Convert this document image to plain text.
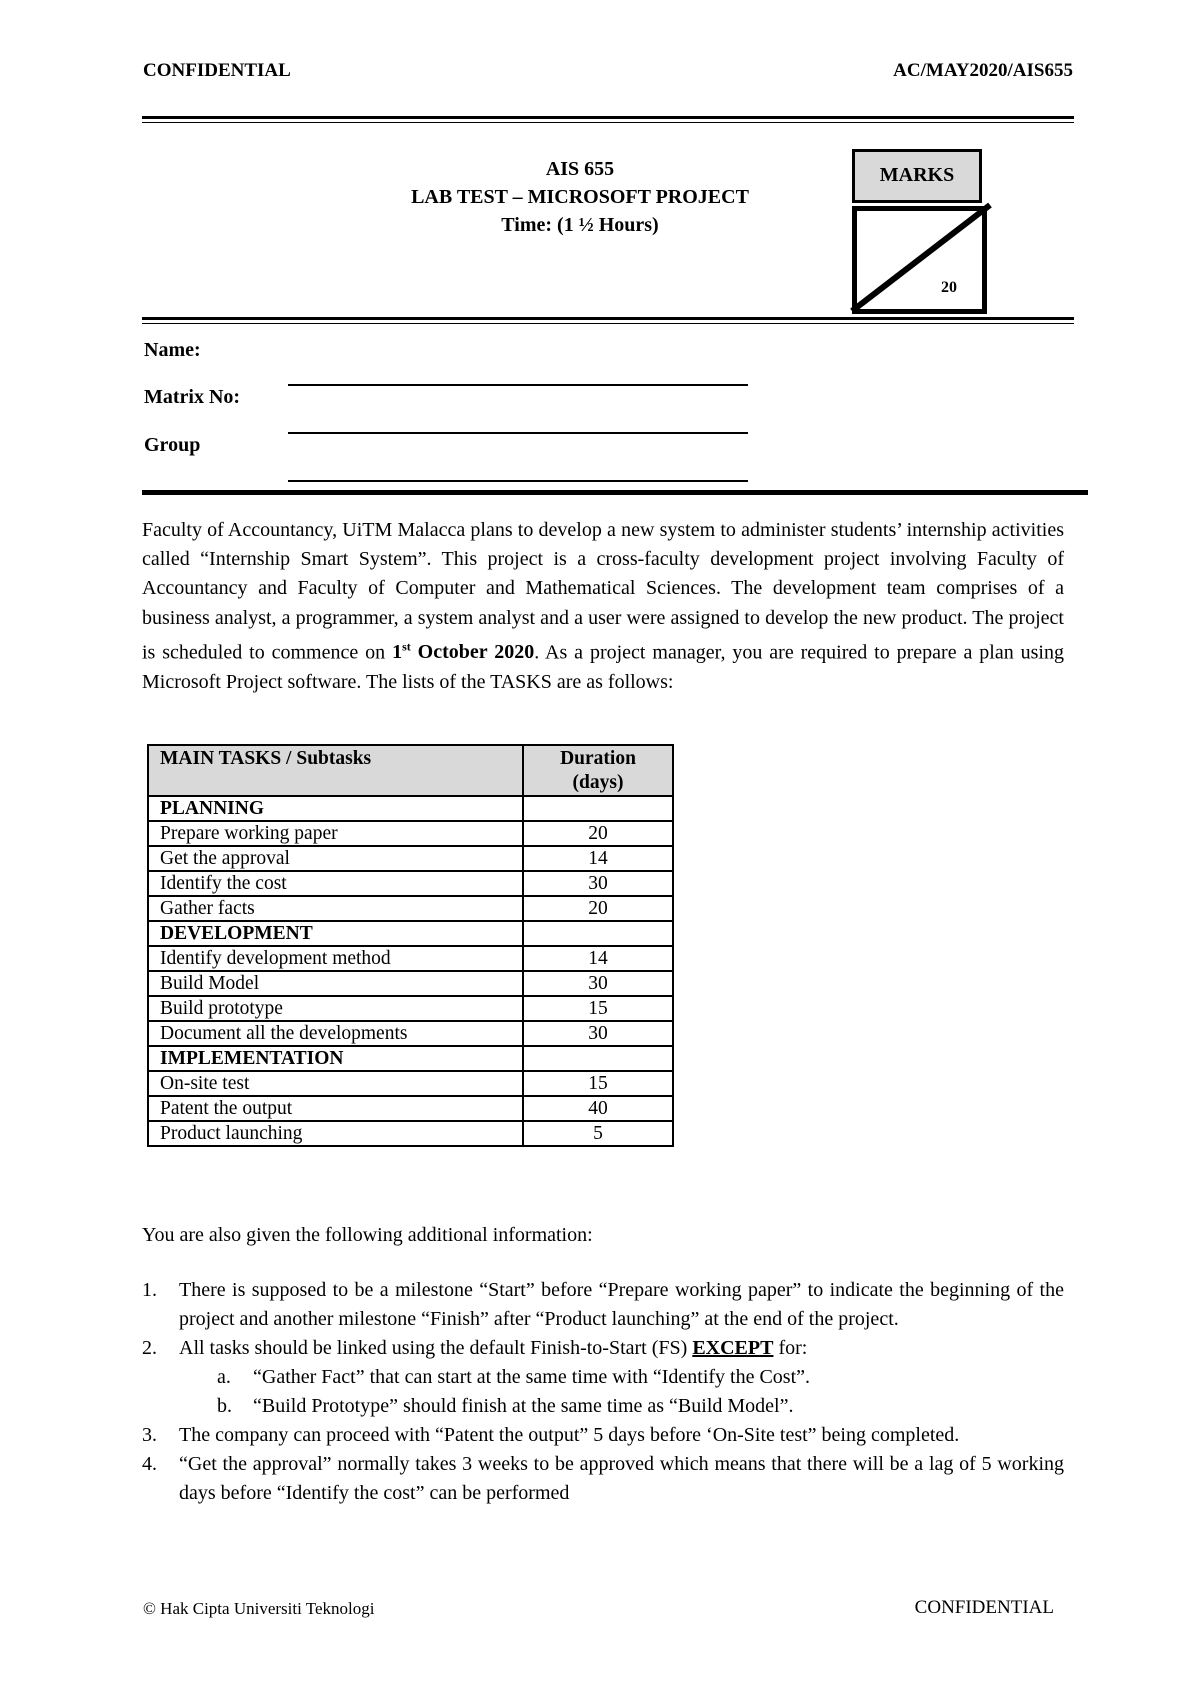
CONFIDENTIAL	AC/MAY2020/AIS655
AIS 655
LAB TEST – MICROSOFT PROJECT
Time: (1 ½ Hours)
MARKS
20
Name:
Matrix No:
Group
Faculty of Accountancy, UiTM Malacca plans to develop a new system to administer students’ internship activities called “Internship Smart System”. This project is a cross-faculty development project involving Faculty of Accountancy and Faculty of Computer and Mathematical Sciences. The development team comprises of a business analyst, a programmer, a system analyst and a user were assigned to develop the new product. The project is scheduled to commence on 1st October 2020. As a project manager, you are required to prepare a plan using Microsoft Project software. The lists of the TASKS are as follows:
MAIN TASKS / Subtasks	Duration
(days)
PLANNING	
Prepare working paper	20
Get the approval	14
Identify the cost	30
Gather facts	20
DEVELOPMENT	
Identify development method	14
Build Model	30
Build prototype	15
Document all the developments	30
IMPLEMENTATION	
On-site test	15
Patent the output	40
Product launching	5
You are also given the following additional information:
1. There is supposed to be a milestone “Start” before “Prepare working paper” to indicate the beginning of the project and another milestone “Finish” after “Product launching” at the end of the project.
2. All tasks should be linked using the default Finish-to-Start (FS) EXCEPT for:
a. “Gather Fact” that can start at the same time with “Identify the Cost”.
b. “Build Prototype” should finish at the same time as “Build Model”.
3. The company can proceed with “Patent the output” 5 days before ‘On-Site test” being completed.
4. “Get the approval” normally takes 3 weeks to be approved which means that there will be a lag of 5 working days before “Identify the cost” can be performed
© Hak Cipta Universiti Teknologi	CONFIDENTIAL
